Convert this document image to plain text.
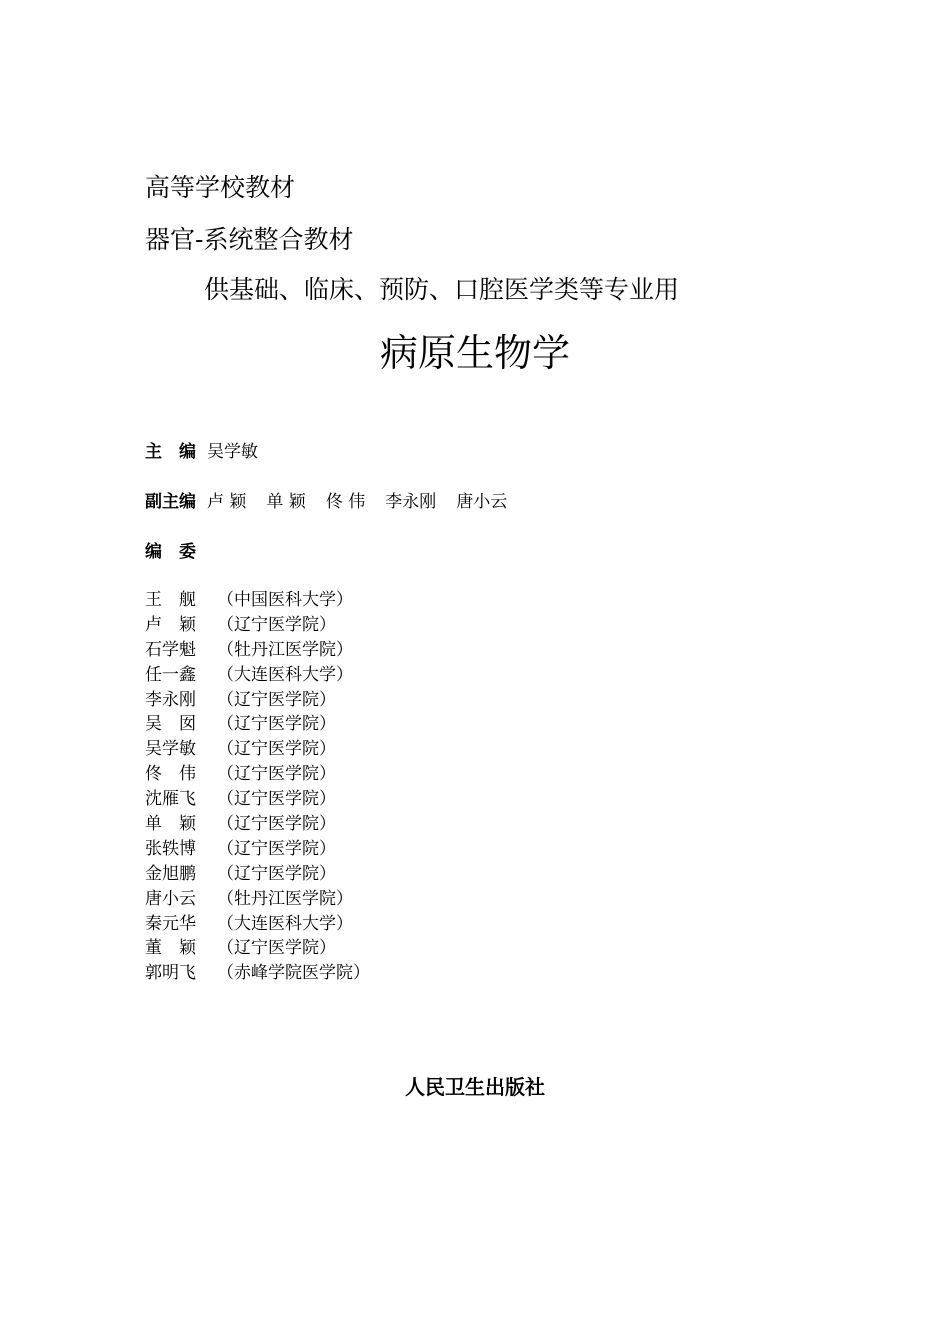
高等学校教材
器官-系统整合教材
供基础、临床、预防、口腔医学类等专业用
病原生物学
主　编 吴学敏
副主编 卢 颖 单 颖 佟 伟 李永刚 唐小云
编　委
王　舰 （中国医科大学）
卢　颖 （辽宁医学院）
石学魁 （牡丹江医学院）
任一鑫 （大连医科大学）
李永刚 （辽宁医学院）
吴　囡 （辽宁医学院）
吴学敏 （辽宁医学院）
佟　伟 （辽宁医学院）
沈雁飞 （辽宁医学院）
单　颖 （辽宁医学院）
张轶博 （辽宁医学院）
金旭鹏 （辽宁医学院）
唐小云 （牡丹江医学院）
秦元华 （大连医科大学）
董　颖 （辽宁医学院）
郭明飞 （赤峰学院医学院）
人民卫生出版社
